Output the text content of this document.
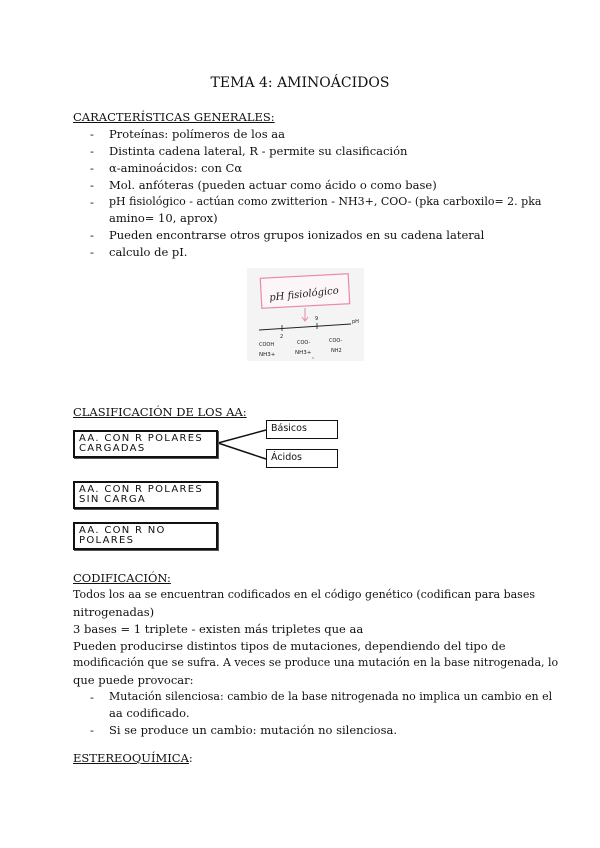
TEMA 4: AMINOÁCIDOS
CARACTERÍSTICAS GENERALES:
- Proteínas: polímeros de los aa
- Distinta cadena lateral, R - permite su clasificación
- α-aminoácidos: con Cα
- Mol. anfóteras (pueden actuar como ácido o como base)
- pH fisiológico - actúan como zwitterion - NH3+, COO- (pka carboxilo= 2. pka
amino= 10, aprox)
- Pueden encontrarse otros grupos ionizados en su cadena lateral
- calculo de pI.
pH fisiológico
pH
2
9
COOH	COO-	COO-
NH3+	NH3+	NH2
CLASIFICACIÓN DE LOS AA:
AA. CON R POLARES
CARGADAS
Básicos
Ácidos
AA. CON R POLARES
SIN CARGA
AA. CON R NO
POLARES
CODIFICACIÓN:
Todos los aa se encuentran codificados en el código genético (codifican para bases
nitrogenadas)
3 bases = 1 triplete - existen más tripletes que aa
Pueden producirse distintos tipos de mutaciones, dependiendo del tipo de
modificación que se sufra. A veces se produce una mutación en la base nitrogenada, lo
que puede provocar:
- Mutación silenciosa: cambio de la base nitrogenada no implica un cambio en el
aa codificado.
- Si se produce un cambio: mutación no silenciosa.
ESTEREOQUÍMICA:
